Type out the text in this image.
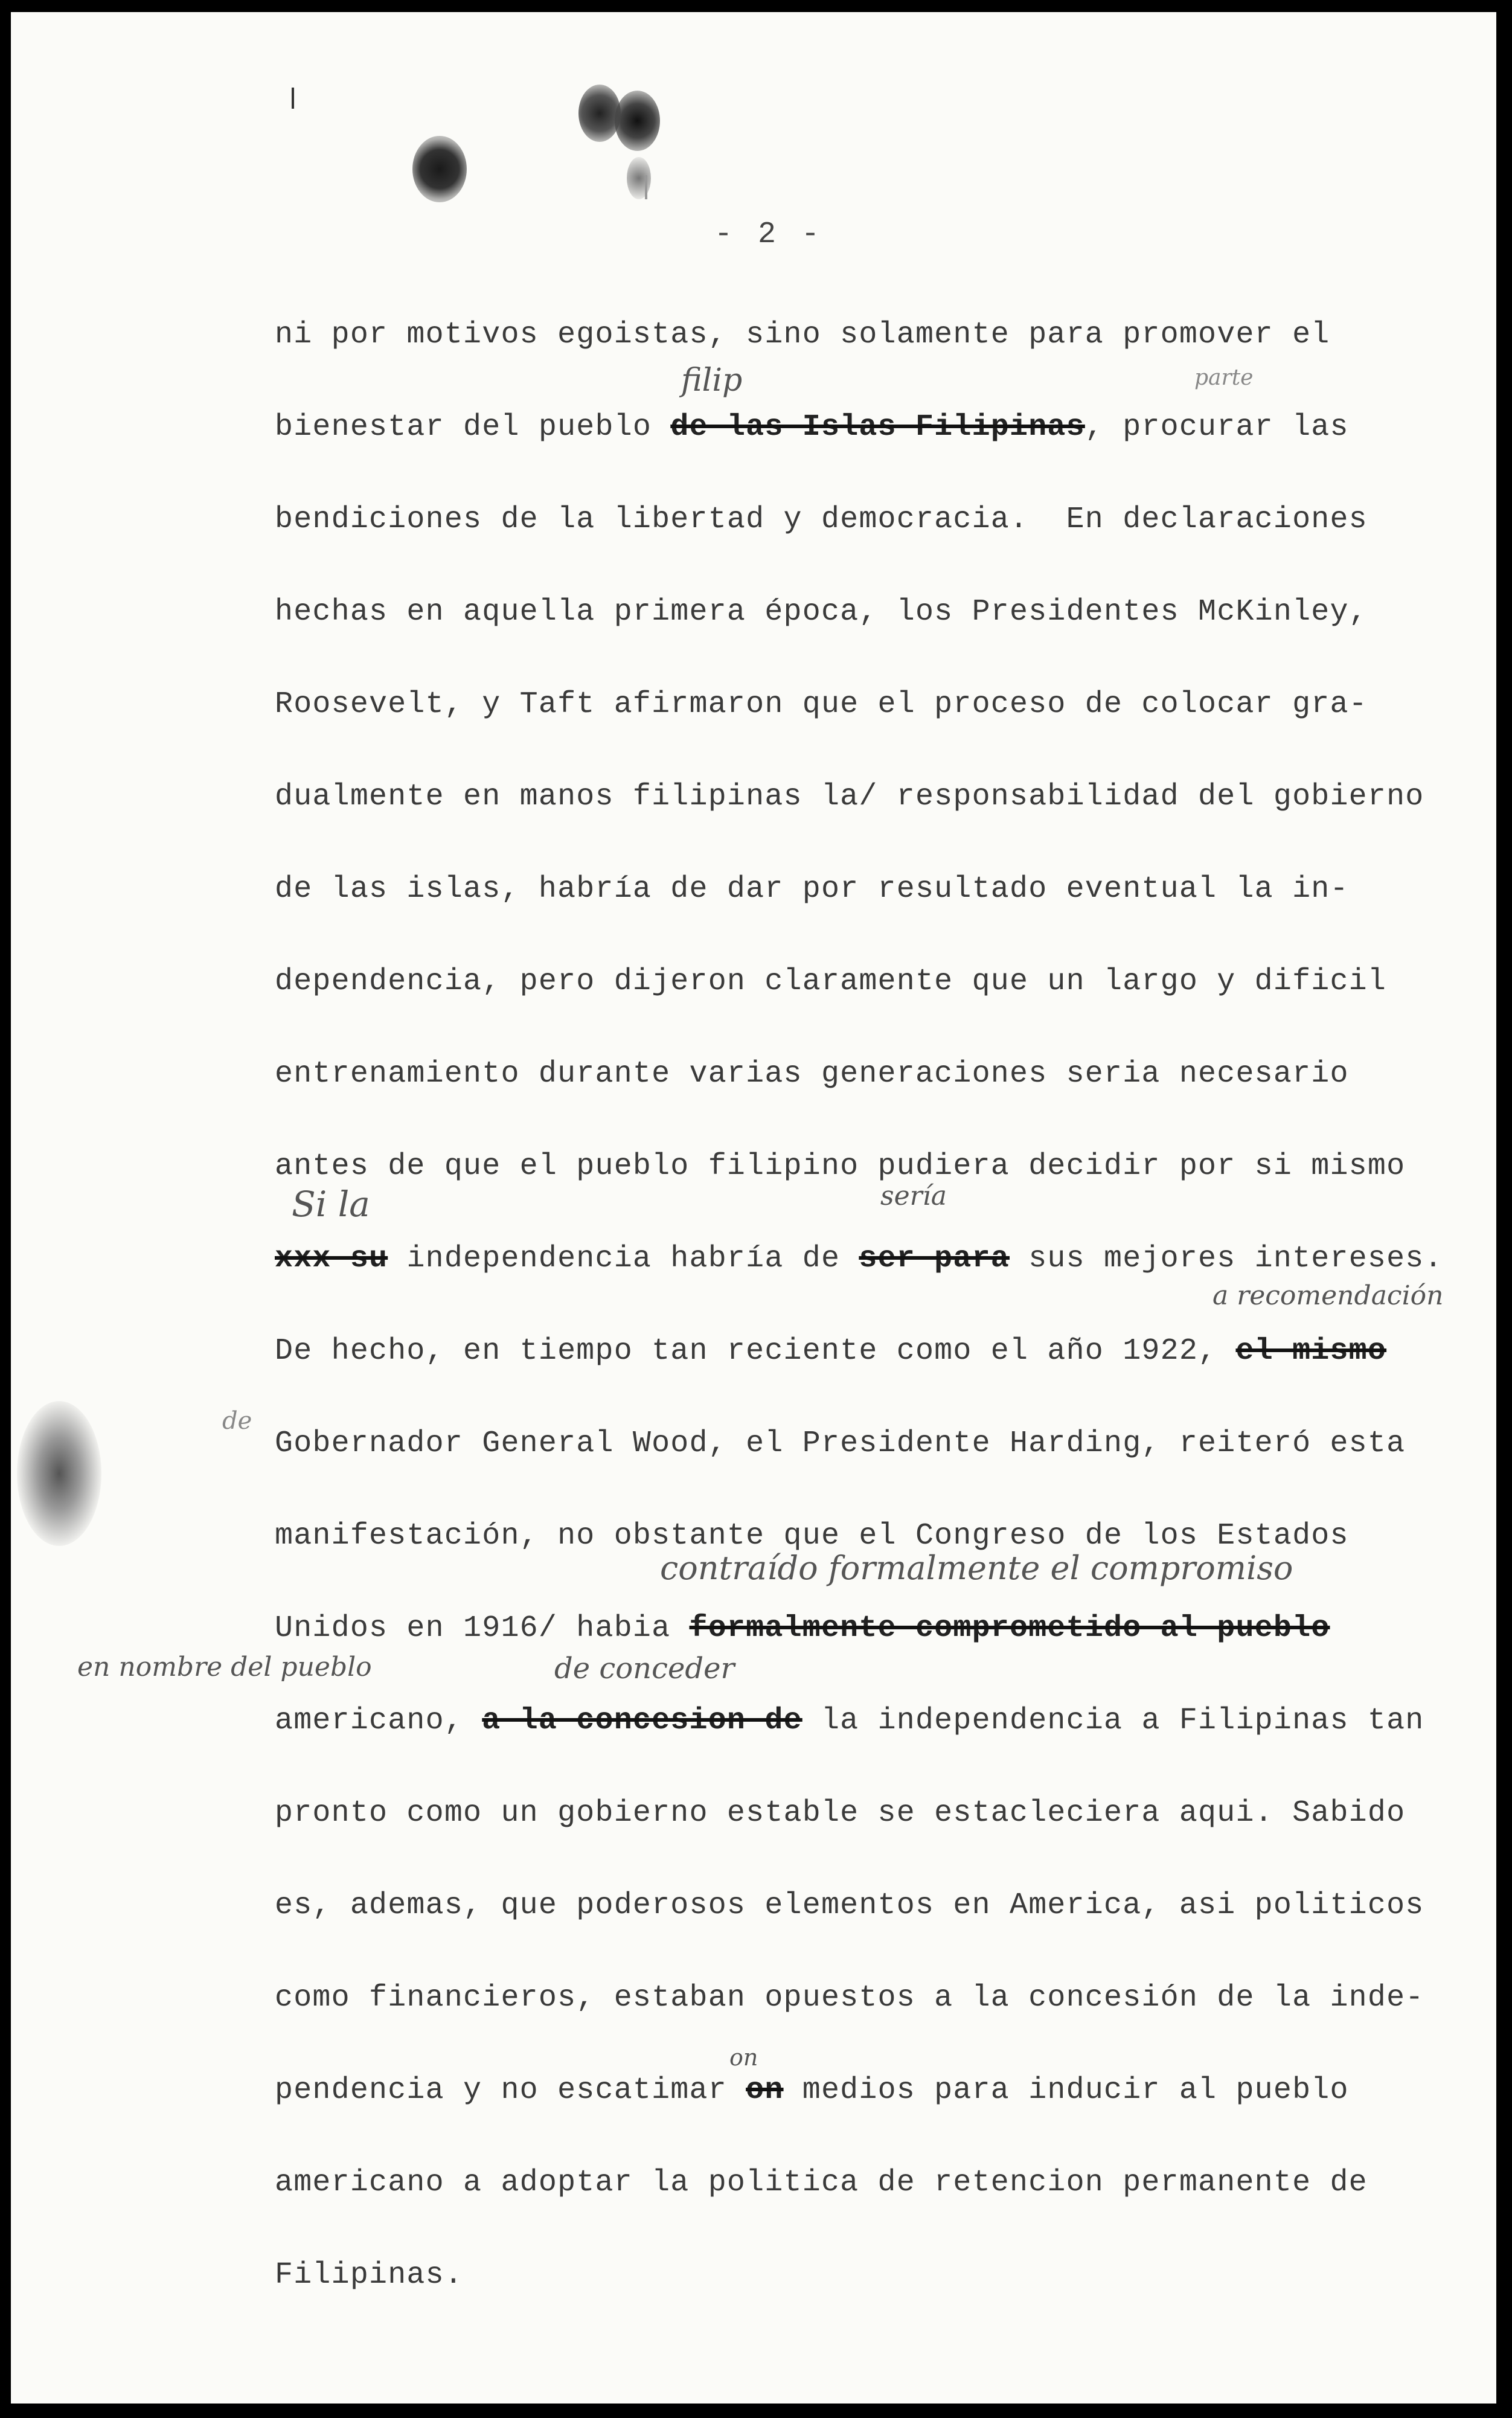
- 2 -
ni por motivos egoistas, sino solamente para promover el
bienestar del pueblo de las Islas Filipinas, procurar las
bendiciones de la libertad y democracia.  En declaraciones
hechas en aquella primera época, los Presidentes McKinley,
Roosevelt, y Taft afirmaron que el proceso de colocar gra-
dualmente en manos filipinas la/ responsabilidad del gobierno
de las islas, habría de dar por resultado eventual la in-
dependencia, pero dijeron claramente que un largo y dificil
entrenamiento durante varias generaciones seria necesario
antes de que el pueblo filipino pudiera decidir por si mismo
xxx su independencia habría de ser para sus mejores intereses.
De hecho, en tiempo tan reciente como el año 1922, el mismo
Gobernador General Wood, el Presidente Harding, reiteró esta
manifestación, no obstante que el Congreso de los Estados
Unidos en 1916/ habia formalmente comprometido al pueblo
americano, a la concesion de la independencia a Filipinas tan
pronto como un gobierno estable se estacleciera aqui. Sabido
es, ademas, que poderosos elementos en America, asi politicos
como financieros, estaban opuestos a la concesión de la inde-
pendencia y no escatimar on medios para inducir al pueblo
americano a adoptar la politica de retencion permanente de
Filipinas.
filip	parte
Si la	sería
a recomendación
de
contraído formalmente el compromiso
en nombre del pueblo	de conceder
on
